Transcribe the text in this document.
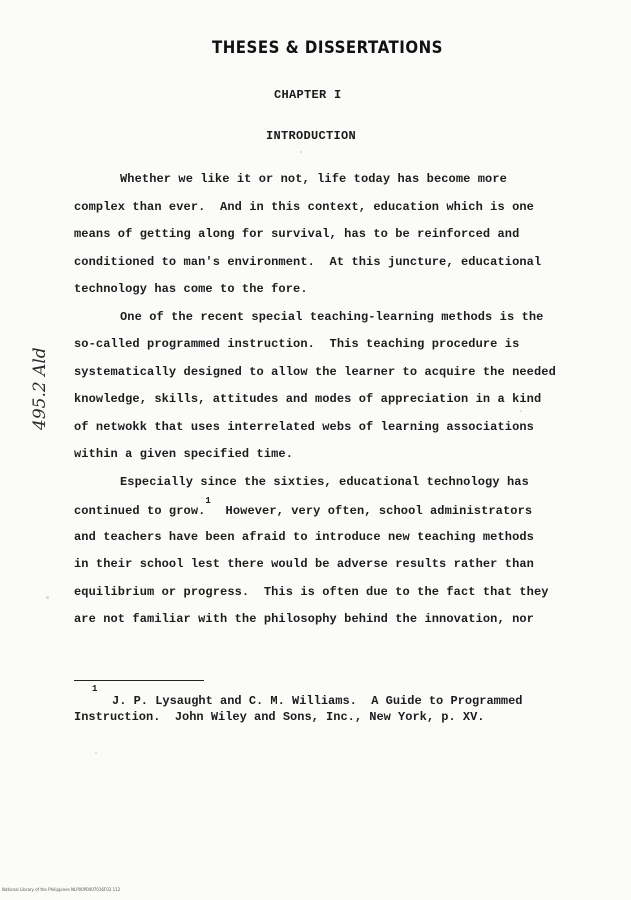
THESES & DISSERTATIONS
CHAPTER I
INTRODUCTION
Whether we like it or not, life today has become more
complex than ever.  And in this context, education which is one
means of getting along for survival, has to be reinforced and
conditioned to man's environment.  At this juncture, educational
technology has come to the fore.
One of the recent special teaching-learning methods is the
so-called programmed instruction.  This teaching procedure is
systematically designed to allow the learner to acquire the needed
knowledge, skills, attitudes and modes of appreciation in a kind
of netwokk that uses interrelated webs of learning associations
within a given specified time.
Especially since the sixties, educational technology has
continued to grow.$^1$  However, very often, school administrators
and teachers have been afraid to introduce new teaching methods
in their school lest there would be adverse results rather than
equilibrium or progress.  This is often due to the fact that they
are not familiar with the philosophy behind the innovation, nor
1
J. P. Lysaught and C. M. Williams.  A Guide to Programmed
Instruction.  John Wiley and Sons, Inc., New York, p. XV.
495.2 Ald
National Library of the Philippines NLP00P0007016F03 112
